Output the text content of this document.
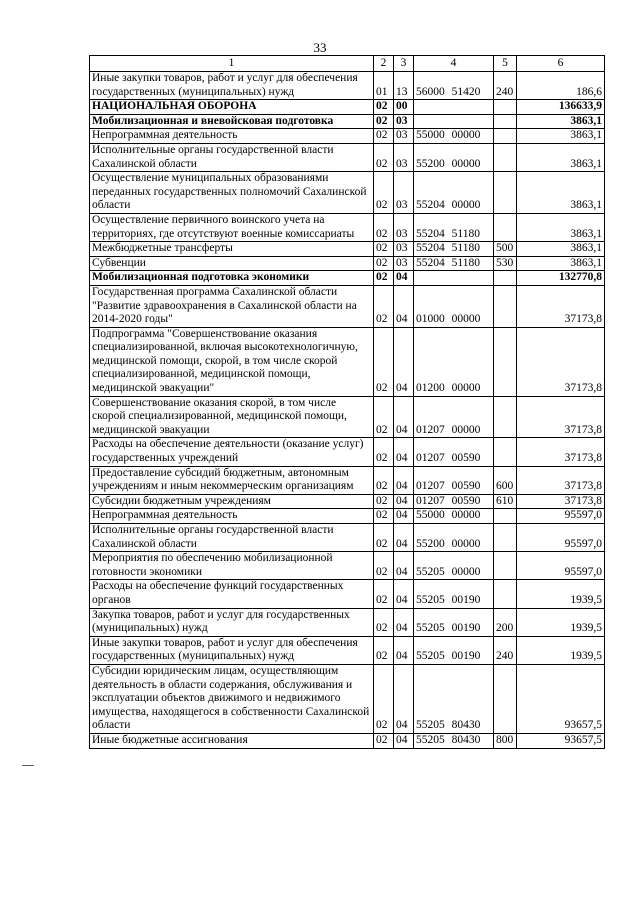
33
1	2	3	4	5	6
Иные закупки товаров, работ и услуг для обеспечения государственных (муниципальных) нужд	01	13	56000 51420	240	186,6
НАЦИОНАЛЬНАЯ ОБОРОНА	02	00			136633,9
Мобилизационная и вневойсковая подготовка	02	03			3863,1
Непрограммная деятельность	02	03	55000 00000		3863,1
Исполнительные органы государственной власти Сахалинской области	02	03	55200 00000		3863,1
Осуществление муниципальных образованиями переданных государственных полномочий Сахалинской области	02	03	55204 00000		3863,1
Осуществление первичного воинского учета на территориях, где отсутствуют военные комиссариаты	02	03	55204 51180		3863,1
Межбюджетные трансферты	02	03	55204 51180	500	3863,1
Субвенции	02	03	55204 51180	530	3863,1
Мобилизационная подготовка экономики	02	04			132770,8
Государственная программа Сахалинской области "Развитие здравоохранения в Сахалинской области на 2014-2020 годы"	02	04	01000 00000		37173,8
Подпрограмма "Совершенствование оказания специализированной, включая высокотехнологичную, медицинской помощи, скорой, в том числе скорой специализированной, медицинской помощи, медицинской эвакуации"	02	04	01200 00000		37173,8
Совершенствование оказания скорой, в том числе скорой специализированной, медицинской помощи, медицинской эвакуации	02	04	01207 00000		37173,8
Расходы на обеспечение деятельности (оказание услуг) государственных учреждений	02	04	01207 00590		37173,8
Предоставление субсидий бюджетным, автономным учреждениям и иным некоммерческим организациям	02	04	01207 00590	600	37173,8
Субсидии бюджетным учреждениям	02	04	01207 00590	610	37173,8
Непрограммная деятельность	02	04	55000 00000		95597,0
Исполнительные органы государственной власти Сахалинской области	02	04	55200 00000		95597,0
Мероприятия по обеспечению мобилизационной готовности экономики	02	04	55205 00000		95597,0
Расходы на обеспечение функций государственных органов	02	04	55205 00190		1939,5
Закупка товаров, работ и услуг для государственных (муниципальных) нужд	02	04	55205 00190	200	1939,5
Иные закупки товаров, работ и услуг для обеспечения государственных (муниципальных) нужд	02	04	55205 00190	240	1939,5
Субсидии юридическим лицам, осуществляющим деятельность в области содержания, обслуживания и эксплуатации объектов движимого и недвижимого имущества, находящегося в собственности Сахалинской области	02	04	55205 80430		93657,5
Иные бюджетные ассигнования	02	04	55205 80430	800	93657,5
